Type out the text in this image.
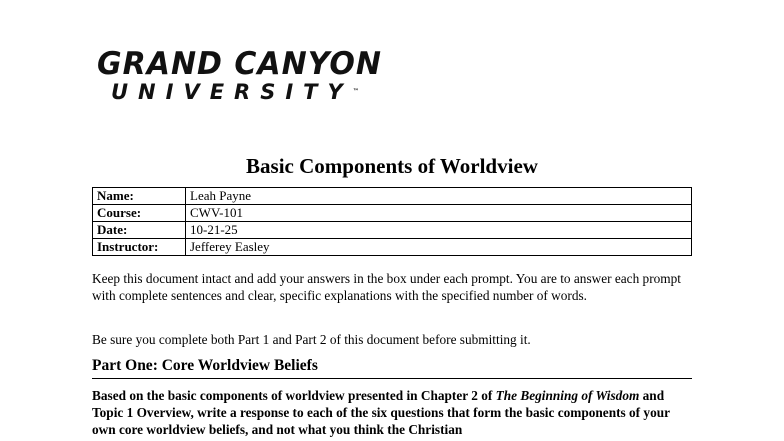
GRAND CANYON
UNIVERSITY™
Basic Components of Worldview
Name:	Leah Payne
Course:	CWV-101
Date:	10-21-25
Instructor:	Jefferey Easley
Keep this document intact and add your answers in the box under each prompt. You are to answer each prompt with complete sentences and clear, specific explanations with the specified number of words.
Be sure you complete both Part 1 and Part 2 of this document before submitting it.
Part One: Core Worldview Beliefs
Based on the basic components of worldview presented in Chapter 2 of The Beginning of Wisdom and Topic 1 Overview, write a response to each of the six questions that form the basic components of your own core worldview beliefs, and not what you think the Christian
